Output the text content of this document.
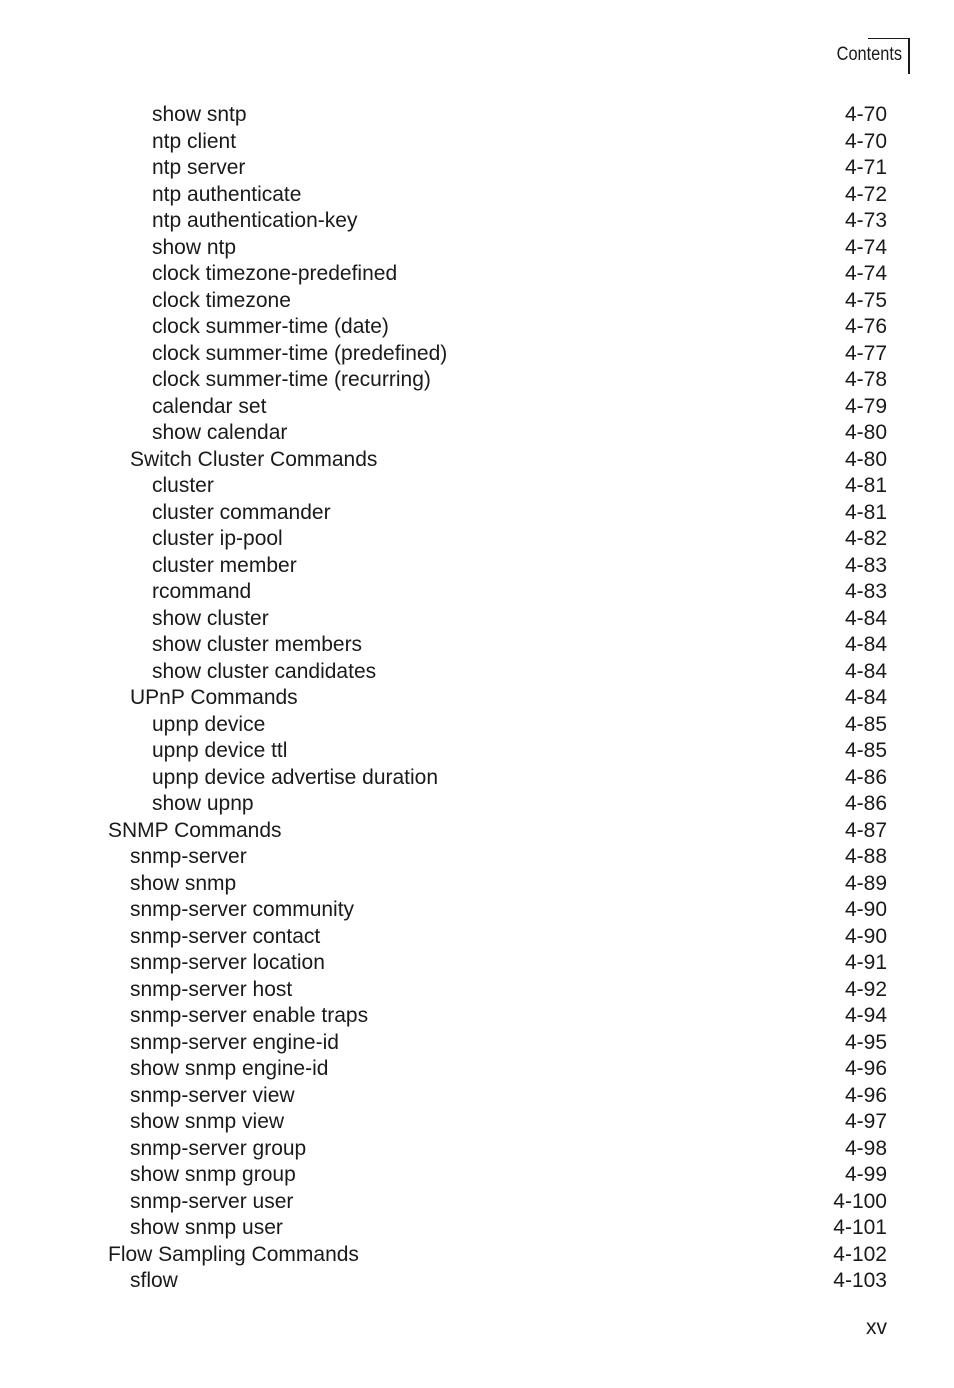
Contents
show sntp	4-70
ntp client	4-70
ntp server	4-71
ntp authenticate	4-72
ntp authentication-key	4-73
show ntp	4-74
clock timezone-predefined	4-74
clock timezone	4-75
clock summer-time (date)	4-76
clock summer-time (predefined)	4-77
clock summer-time (recurring)	4-78
calendar set	4-79
show calendar	4-80
Switch Cluster Commands	4-80
cluster	4-81
cluster commander	4-81
cluster ip-pool	4-82
cluster member	4-83
rcommand	4-83
show cluster	4-84
show cluster members	4-84
show cluster candidates	4-84
UPnP Commands	4-84
upnp device	4-85
upnp device ttl	4-85
upnp device advertise duration	4-86
show upnp	4-86
SNMP Commands	4-87
snmp-server	4-88
show snmp	4-89
snmp-server community	4-90
snmp-server contact	4-90
snmp-server location	4-91
snmp-server host	4-92
snmp-server enable traps	4-94
snmp-server engine-id	4-95
show snmp engine-id	4-96
snmp-server view	4-96
show snmp view	4-97
snmp-server group	4-98
show snmp group	4-99
snmp-server user	4-100
show snmp user	4-101
Flow Sampling Commands	4-102
sflow	4-103
xv
